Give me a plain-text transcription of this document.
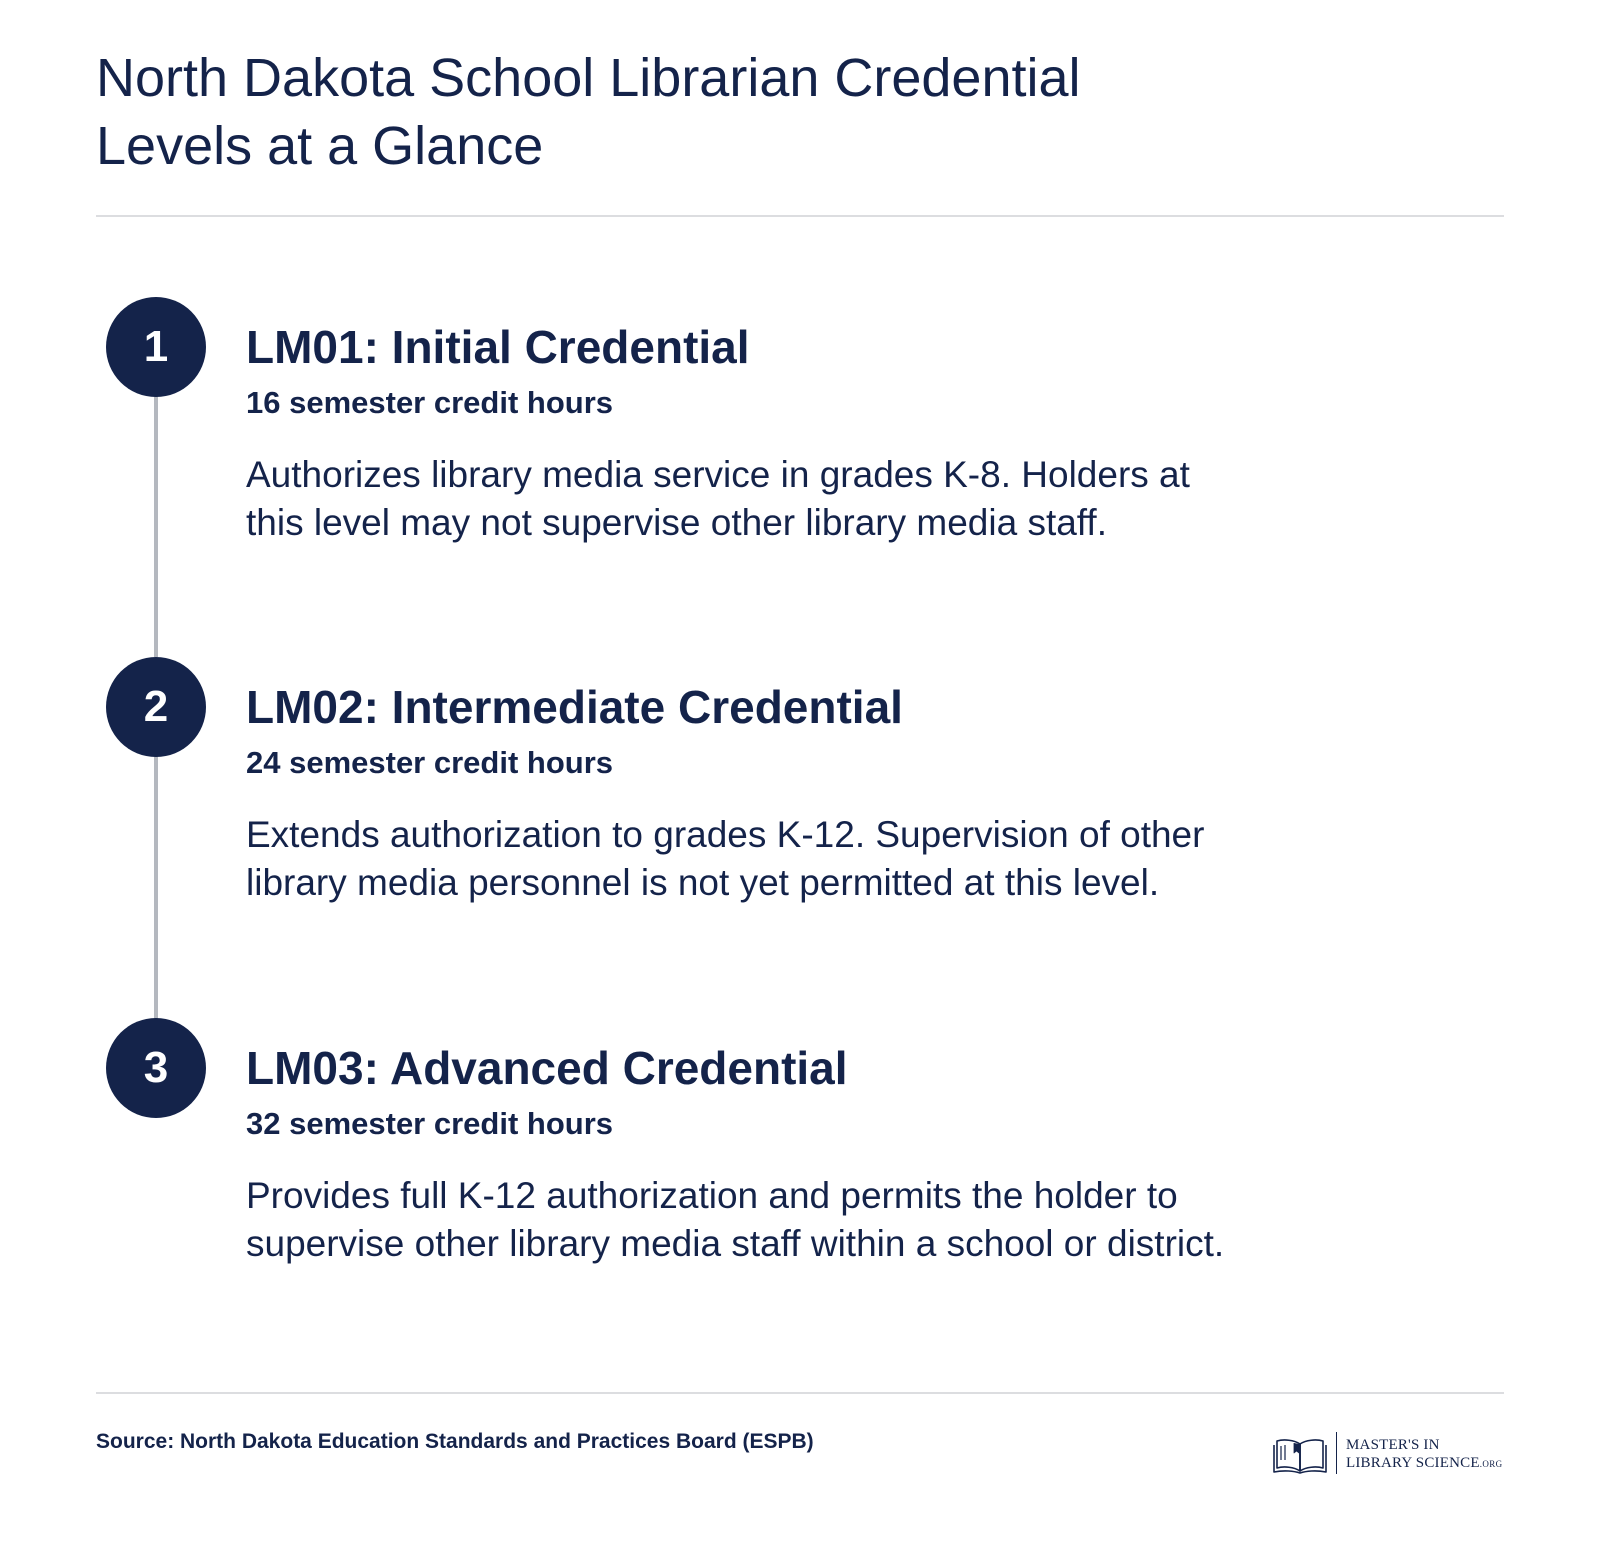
North Dakota School Librarian Credential Levels at a Glance
1	LM01: Initial Credential
16 semester credit hours

Authorizes library media service in grades K-8. Holders at this level may not supervise other library media staff.

2	LM02: Intermediate Credential
24 semester credit hours

Extends authorization to grades K-12. Supervision of other library media personnel is not yet permitted at this level.

3	LM03: Advanced Credential
32 semester credit hours

Provides full K-12 authorization and permits the holder to supervise other library media staff within a school or district.

Source: North Dakota Education Standards and Practices Board (ESPB)	MASTER'S IN
LIBRARY SCIENCE.ORG
